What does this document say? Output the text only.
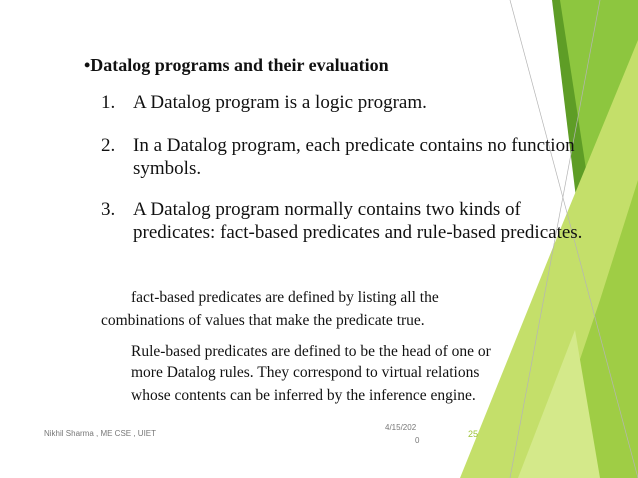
•Datalog programs and their evaluation
1. A Datalog program is a logic program.
2. In a Datalog program, each predicate contains no function symbols.
3. A Datalog program normally contains two kinds of predicates: fact-based predicates and rule-based predicates.
fact-based predicates are defined by listing all the
combinations of values that make the predicate true.
Rule-based predicates are defined to be the head of one or
more Datalog rules. They correspond to virtual relations
whose contents can be inferred by the inference engine.
Nikhil Sharma , ME CSE , UIET
4/15/202
0
25
